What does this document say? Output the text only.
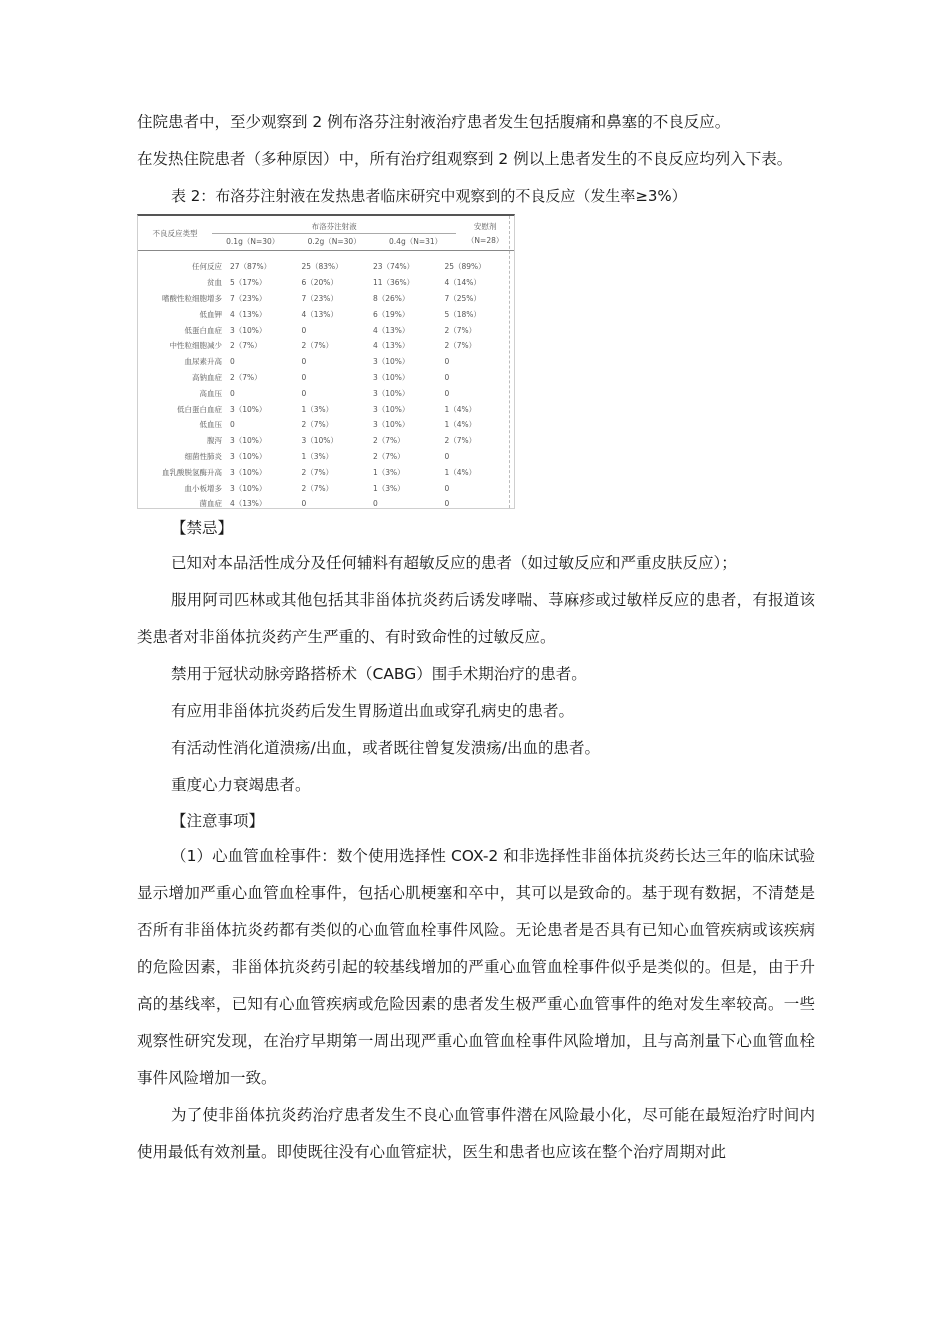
住院患者中，至少观察到 2 例布洛芬注射液治疗患者发生包括腹痛和鼻塞的不良反应。

在发热住院患者（多种原因）中，所有治疗组观察到 2 例以上患者发生的不良反应均列入下表。

表 2：布洛芬注射液在发热患者临床研究中观察到的不良反应（发生率≥3%）

不良反应类型	布洛芬注射液			安慰剂
	0.1g（N=30）	0.2g（N=30）	0.4g（N=31）	（N=28）
任何反应	27（87%）	25（83%）	23（74%）	25（89%）
贫血	5（17%）	6（20%）	11（36%）	4（14%）
嗜酸性粒细胞增多	7（23%）	7（23%）	8（26%）	7（25%）
低血钾	4（13%）	4（13%）	6（19%）	5（18%）
低蛋白血症	3（10%）	0	4（13%）	2（7%）
中性粒细胞减少	2（7%）	2（7%）	4（13%）	2（7%）
血尿素升高	0	0	3（10%）	0
高钠血症	2（7%）	0	3（10%）	0
高血压	0	0	3（10%）	0
低白蛋白血症	3（10%）	1（3%）	3（10%）	1（4%）
低血压	0	2（7%）	3（10%）	1（4%）
腹泻	3（10%）	3（10%）	2（7%）	2（7%）
细菌性肺炎	3（10%）	1（3%）	2（7%）	0
血乳酸脱氢酶升高	3（10%）	2（7%）	1（3%）	1（4%）
血小板增多	3（10%）	2（7%）	1（3%）	0
菌血症	4（13%）	0	0	0

【禁忌】

已知对本品活性成分及任何辅料有超敏反应的患者（如过敏反应和严重皮肤反应）；

服用阿司匹林或其他包括其非甾体抗炎药后诱发哮喘、荨麻疹或过敏样反应的患者，有报道该类患者对非甾体抗炎药产生严重的、有时致命性的过敏反应。

禁用于冠状动脉旁路搭桥术（CABG）围手术期治疗的患者。

有应用非甾体抗炎药后发生胃肠道出血或穿孔病史的患者。

有活动性消化道溃疡/出血，或者既往曾复发溃疡/出血的患者。

重度心力衰竭患者。

【注意事项】

（1）心血管血栓事件：数个使用选择性 COX-2 和非选择性非甾体抗炎药长达三年的临床试验显示增加严重心血管血栓事件，包括心肌梗塞和卒中，其可以是致命的。基于现有数据，不清楚是否所有非甾体抗炎药都有类似的心血管血栓事件风险。无论患者是否具有已知心血管疾病或该疾病的危险因素，非甾体抗炎药引起的较基线增加的严重心血管血栓事件似乎是类似的。但是，由于升高的基线率，已知有心血管疾病或危险因素的患者发生极严重心血管事件的绝对发生率较高。一些观察性研究发现，在治疗早期第一周出现严重心血管血栓事件风险增加，且与高剂量下心血管血栓事件风险增加一致。

为了使非甾体抗炎药治疗患者发生不良心血管事件潜在风险最小化，尽可能在最短治疗时间内使用最低有效剂量。即使既往没有心血管症状，医生和患者也应该在整个治疗周期对此
